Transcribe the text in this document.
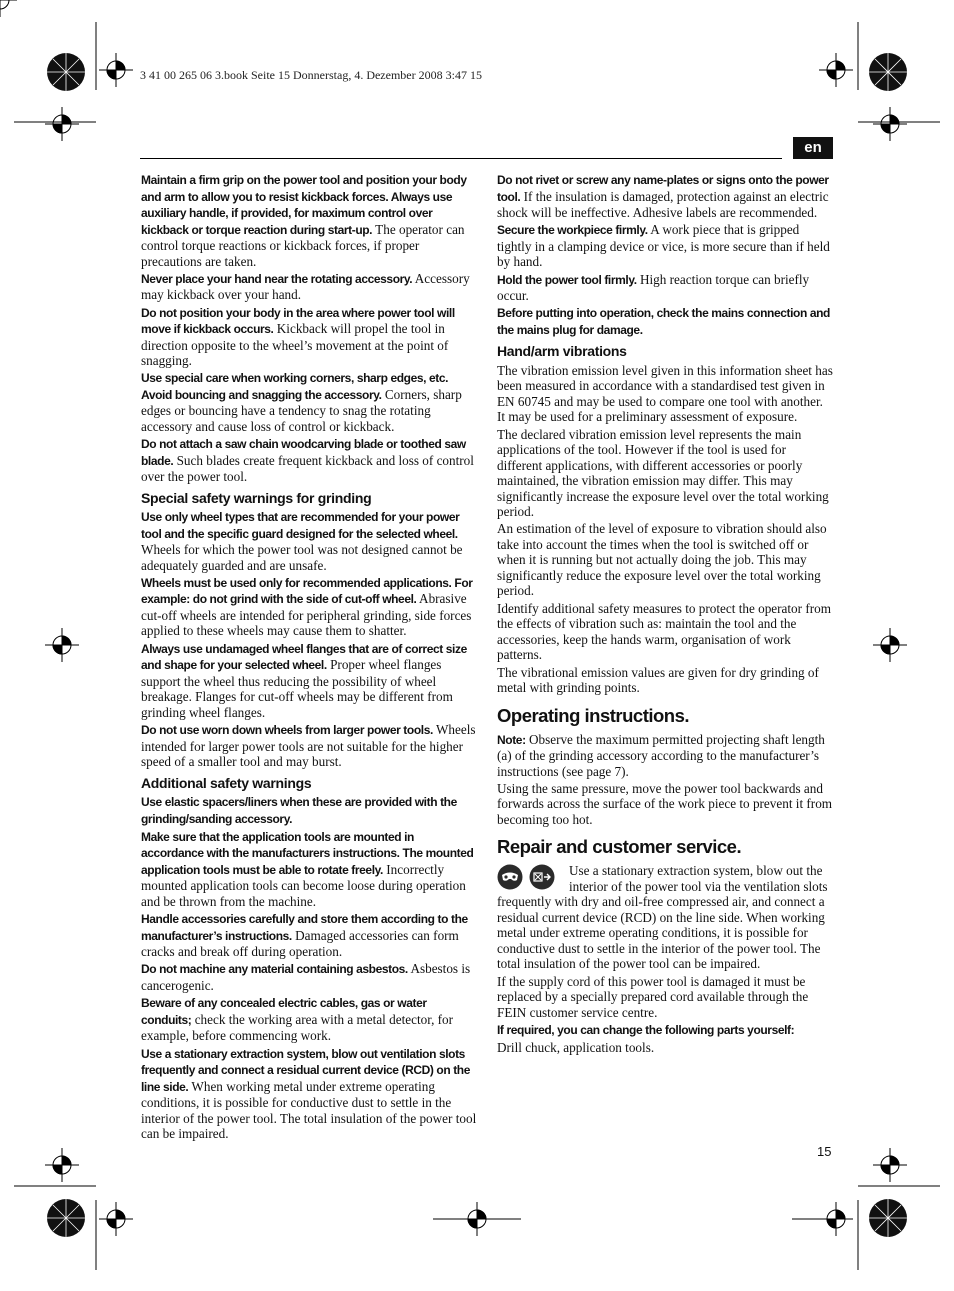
3 41 00 265 06 3.book Seite 15 Donnerstag, 4. Dezember 2008 3:47 15
en

Maintain a firm grip on the power tool and position your body and arm to allow you to resist kickback forces. Always use auxiliary handle, if provided, for maximum control over kickback or torque reaction during start-up. The operator can control torque reactions or kickback forces, if proper precautions are taken.

Never place your hand near the rotating accessory. Accessory may kickback over your hand.

Do not position your body in the area where power tool will move if kickback occurs. Kickback will propel the tool in direction opposite to the wheel’s movement at the point of snagging.

Use special care when working corners, sharp edges, etc. Avoid bouncing and snagging the accessory. Corners, sharp edges or bouncing have a tendency to snag the rotating accessory and cause loss of control or kickback.

Do not attach a saw chain woodcarving blade or toothed saw blade. Such blades create frequent kickback and loss of control over the power tool.

Special safety warnings for grinding

Use only wheel types that are recommended for your power tool and the specific guard designed for the selected wheel. Wheels for which the power tool was not designed cannot be adequately guarded and are unsafe.

Wheels must be used only for recommended applications. For example: do not grind with the side of cut-off wheel. Abrasive cut-off wheels are intended for peripheral grinding, side forces applied to these wheels may cause them to shatter.

Always use undamaged wheel flanges that are of correct size and shape for your selected wheel. Proper wheel flanges support the wheel thus reducing the possibility of wheel breakage. Flanges for cut-off wheels may be different from grinding wheel flanges.

Do not use worn down wheels from larger power tools. Wheels intended for larger power tools are not suitable for the higher speed of a smaller tool and may burst.

Additional safety warnings

Use elastic spacers/liners when these are provided with the grinding/sanding accessory.

Make sure that the application tools are mounted in accordance with the manufacturers instructions. The mounted application tools must be able to rotate freely. Incorrectly mounted application tools can become loose during operation and be thrown from the machine.

Handle accessories carefully and store them according to the manufacturer’s instructions. Damaged accessories can form cracks and break off during operation.

Do not machine any material containing asbestos. Asbestos is cancerogenic.

Beware of any concealed electric cables, gas or water conduits; check the working area with a metal detector, for example, before commencing work.

Use a stationary extraction system, blow out ventilation slots frequently and connect a residual current device (RCD) on the line side. When working metal under extreme operating conditions, it is possible for conductive dust to settle in the interior of the power tool. The total insulation of the power tool can be impaired.

Do not rivet or screw any name-plates or signs onto the power tool. If the insulation is damaged, protection against an electric shock will be ineffective. Adhesive labels are recommended.

Secure the workpiece firmly. A work piece that is gripped tightly in a clamping device or vice, is more secure than if held by hand.

Hold the power tool firmly. High reaction torque can briefly occur.

Before putting into operation, check the mains connection and the mains plug for damage.

Hand/arm vibrations

The vibration emission level given in this information sheet has been measured in accordance with a standardised test given in EN 60745 and may be used to compare one tool with another. It may be used for a preliminary assessment of exposure.

The declared vibration emission level represents the main applications of the tool. However if the tool is used for different applications, with different accessories or poorly maintained, the vibration emission may differ. This may significantly increase the exposure level over the total working period.

An estimation of the level of exposure to vibration should also take into account the times when the tool is switched off or when it is running but not actually doing the job. This may significantly reduce the exposure level over the total working period.

Identify additional safety measures to protect the operator from the effects of vibration such as: maintain the tool and the accessories, keep the hands warm, organisation of work patterns.

The vibrational emission values are given for dry grinding of metal with grinding points.

Operating instructions.

Note: Observe the maximum permitted projecting shaft length (a) of the grinding accessory according to the manufacturer’s instructions (see page 7).

Using the same pressure, move the power tool backwards and forwards across the surface of the work piece to prevent it from becoming too hot.

Repair and customer service.

Use a stationary extraction system, blow out the interior of the power tool via the ventilation slots frequently with dry and oil-free compressed air, and connect a residual current device (RCD) on the line side. When working metal under extreme operating conditions, it is possible for conductive dust to settle in the interior of the power tool. The total insulation of the power tool can be impaired.

If the supply cord of this power tool is damaged it must be replaced by a specially prepared cord available through the FEIN customer service centre.

If required, you can change the following parts yourself:

Drill chuck, application tools.

15
